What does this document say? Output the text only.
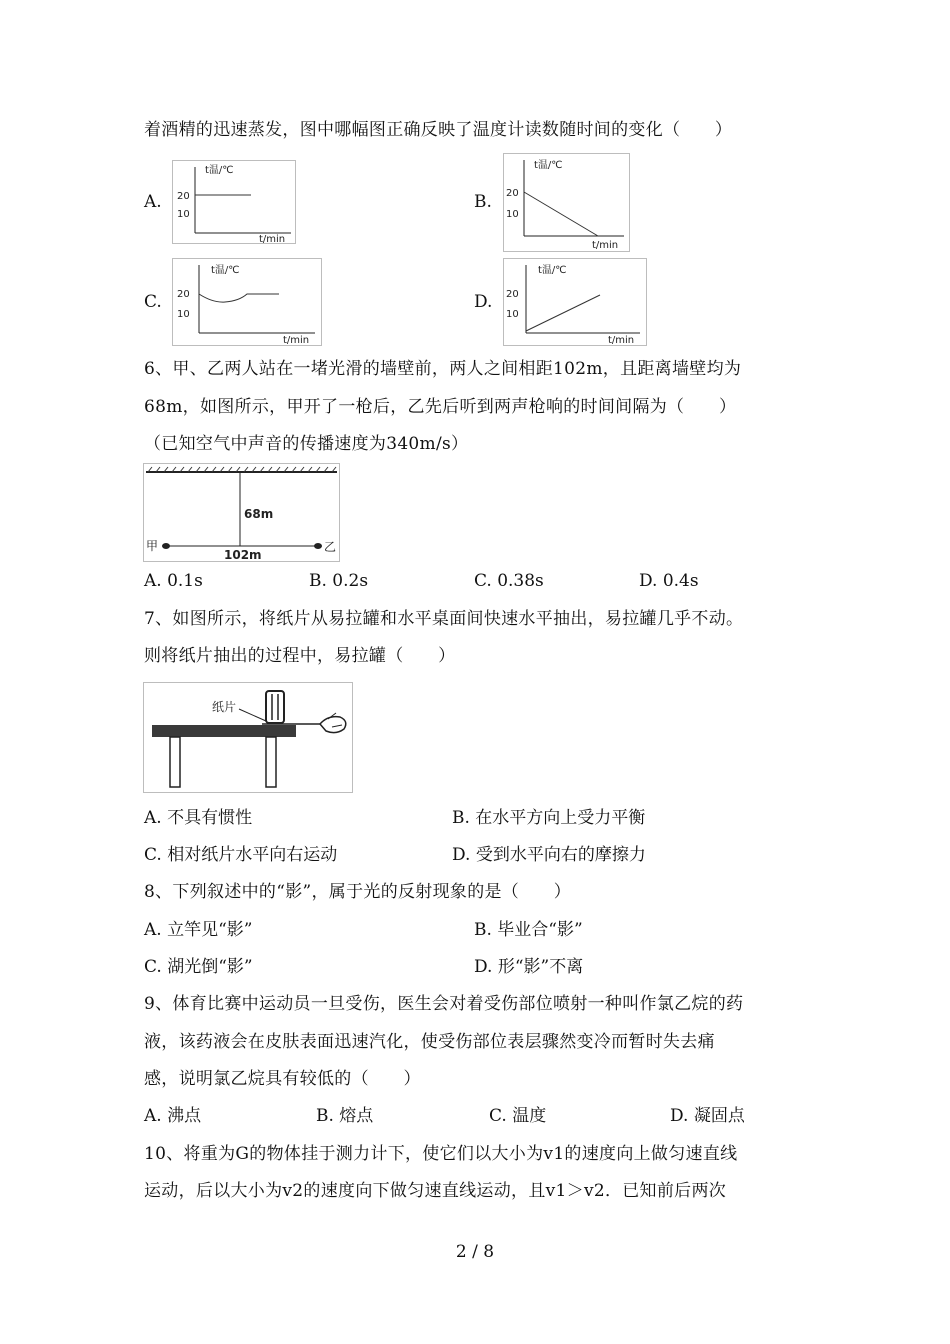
着酒精的迅速蒸发，图中哪幅图正确反映了温度计读数随时间的变化（　　）
A.
t温/℃
20
10
t/min
B.
t温/℃
20
10
t/min
C.
t温/℃
20
10
t/min
D.
t温/℃
20
10
t/min
6、甲、乙两人站在一堵光滑的墙壁前，两人之间相距102m，且距离墙壁均为
68m，如图所示，甲开了一枪后，乙先后听到两声枪响的时间间隔为（　　）
（已知空气中声音的传播速度为340m/s）
68m
102m
甲	乙
A. 0.1s	B. 0.2s	C. 0.38s	D. 0.4s
7、如图所示，将纸片从易拉罐和水平桌面间快速水平抽出，易拉罐几乎不动。
则将纸片抽出的过程中，易拉罐（　　）
纸片
A. 不具有惯性	B. 在水平方向上受力平衡
C. 相对纸片水平向右运动	D. 受到水平向右的摩擦力
8、下列叙述中的“影”，属于光的反射现象的是（　　）
A. 立竿见“影”	B. 毕业合“影”
C. 湖光倒“影”	D. 形“影”不离
9、体育比赛中运动员一旦受伤，医生会对着受伤部位喷射一种叫作氯乙烷的药
液，该药液会在皮肤表面迅速汽化，使受伤部位表层骤然变冷而暂时失去痛
感，说明氯乙烷具有较低的（　　）
A. 沸点	B. 熔点	C. 温度	D. 凝固点
10、将重为G的物体挂于测力计下，使它们以大小为v1的速度向上做匀速直线
运动，后以大小为v2的速度向下做匀速直线运动，且v1＞v2．已知前后两次
2 / 8
